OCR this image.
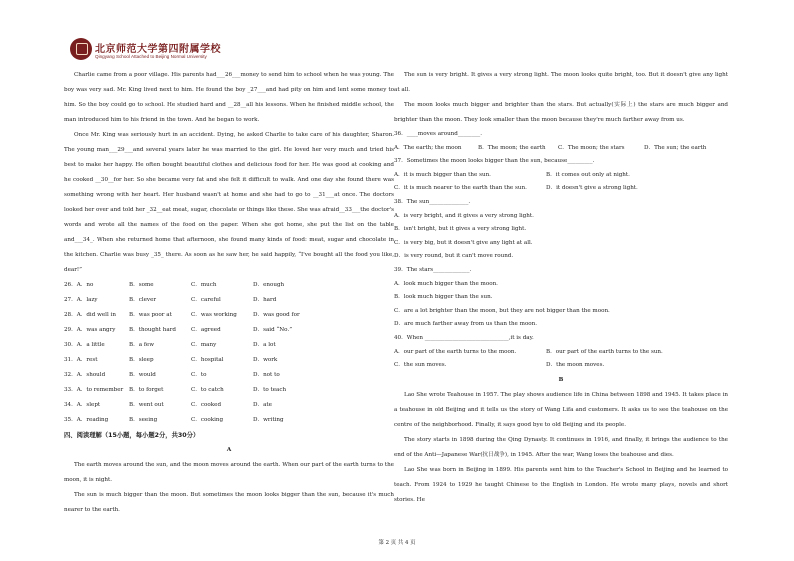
北京师范大学第四附属学校
Qingyang School Attached to Beijing Normal University

Charlie came from a poor village. His parents had___26___money to send him to school when he was young. The boy was very sad. Mr. King lived next to him. He found the boy _27___and had pity on him and lent some money to him. So the boy could go to school. He studied hard and __28__all his lessons. When he finished middle school, the man introduced him to his friend in the town. And he began to work.

Once Mr. King was seriously hurt in an accident. Dying, he asked Charlie to take care of his daughter, Sharon. The young man___29___and several years later he was married to the girl. He loved her very much and tried his best to make her happy. He often bought beautiful clothes and delicious food for her. He was good at cooking and he cooked __30__for her. So she became very fat and she felt it difficult to walk. And one day she found there was something wrong with her heart. Her husband wasn't at home and she had to go to __31___at once. The doctors looked her over and told her _32__eat meat, sugar, chocolate or things like these. She was afraid__33___the doctor's words and wrote all the names of the food on the paper. When she got home, she put the list on the table and___34_. When she returned home that afternoon, she found many kinds of food: meat, sugar and chocolate in the kitchen. Charlie was busy _35_ there. As soon as he saw her, he said happily, “I've bought all the food you like, dear!”

26．A．no	B．some	C．much	D．enough
27．A．lazy	B．clever	C．careful	D．hard
28．A．did well in	B．was poor at	C．was working	D．was good for
29．A．was angry	B．thought hard	C．agreed	D．said “No.”
30．A．a little	B．a few	C．many	D．a lot
31．A．rest	B．sleep	C．hospital	D．work
32．A．should	B．would	C．to	D．not to
33．A．to remember	B．to forget	C．to catch	D．to teach
34．A．slept	B．went out	C．cooked	D．ate
35．A．reading	B．seeing	C．cooking	D．writing
四、阅读理解（15小题，每小题2分，共30分）
A

The earth moves around the sun, and the moon moves around the earth. When our part of the earth turns to the moon, it is night.

The sun is much bigger than the moon. But sometimes the moon looks bigger than the sun, because it's much nearer to the earth.

The sun is very bright. It gives a very strong light. The moon looks quite bright, too. But it doesn't give any light at all.

The moon looks much bigger and brighter than the stars. But actually(实际上) the stars are much bigger and brighter than the moon. They look smaller than the moon because they're much farther away from us.

36．____moves around________.
A．The earth; the moon	B．The moon; the earth	C．The moon; the stars	D．The sun; the earth
37．Sometimes the moon looks bigger than the sun, because_________.
A．it is much bigger than the sun.	B．it comes out only at night.
C．it is much nearer to the earth than the sun.	D．it doesn't give a strong light.
38．The sun______________.
A．is very bright, and it gives a very strong light.
B．isn't bright, but it gives a very strong light.
C．is very big, but it doesn't give any light at all.
D．is very round, but it can't move round.
39．The stars_____________.
A．look much bigger than the moon.
B．look much bigger than the sun.
C．are a lot brighter than the moon, but they are not bigger than the moon.
D．are much farther away from us than the moon.
40．When ______________________________,it is day.
A．our part of the earth turns to the moon.	B．our part of the earth turns to the sun.
C．the sun moves.	D．the moon moves.
B

Lao She wrote Teahouse in 1957. The play shows audience life in China between 1898 and 1945. It takes place in a teahouse in old Beijing and it tells us the story of Wang Lifa and customers. It asks us to see the teahouse on the centre of the neighborhood. Finally, it says good bye to old Beijing and its people.

The story starts in 1898 during the Qing Dynasty. It continues in 1916, and finally, it brings the audience to the end of the Anti—Japanese War(抗日战争), in 1945. After the war, Wang loses the teahouse and dies.

Lao She was born in Beijing in 1899. His parents sent him to the Teacher's School in Beijing and he learned to teach. From 1924 to 1929 he taught Chinese to the English in London. He wrote many plays, novels and short stories. He

第 2 页 共 4 页
